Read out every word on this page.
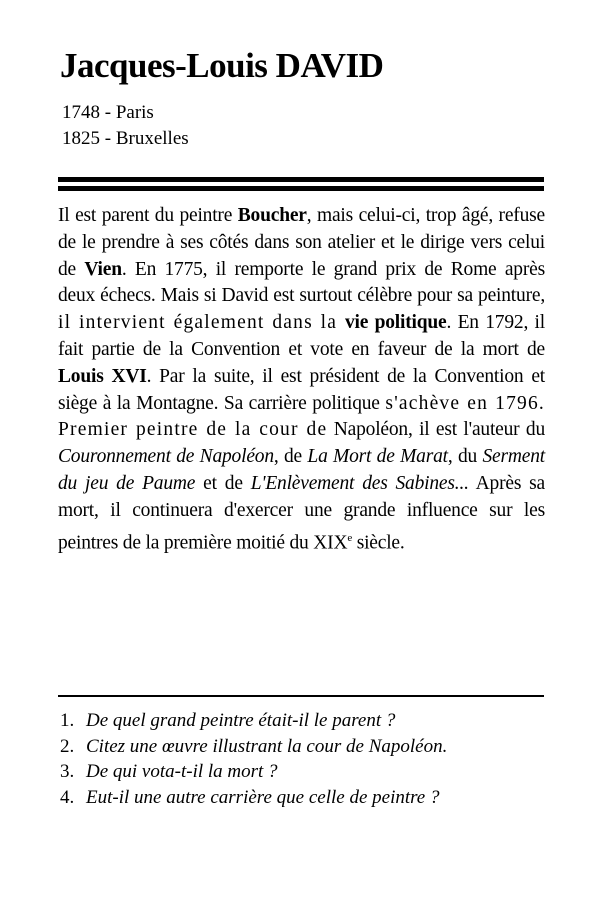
Jacques-Louis DAVID
1748 - Paris
1825 - Bruxelles

Il est parent du peintre Boucher, mais celui-ci, trop âgé, refuse de le prendre à ses côtés dans son atelier et le dirige vers celui de Vien. En 1775, il remporte le grand prix de Rome après deux échecs. Mais si David est surtout célèbre pour sa peinture, il intervient également dans la vie politique. En 1792, il fait partie de la Convention et vote en faveur de la mort de Louis XVI. Par la suite, il est président de la Convention et siège à la Montagne. Sa carrière politique s'achève en 1796. Premier peintre de la cour de Napoléon, il est l'auteur du Couronnement de Napoléon, de La Mort de Marat, du Serment du jeu de Paume et de L'Enlèvement des Sabines... Après sa mort, il continuera d'exercer une grande influence sur les peintres de la première moitié du XIXe siècle.

1. De quel grand peintre était-il le parent ?
2. Citez une œuvre illustrant la cour de Napoléon.
3. De qui vota-t-il la mort ?
4. Eut-il une autre carrière que celle de peintre ?
